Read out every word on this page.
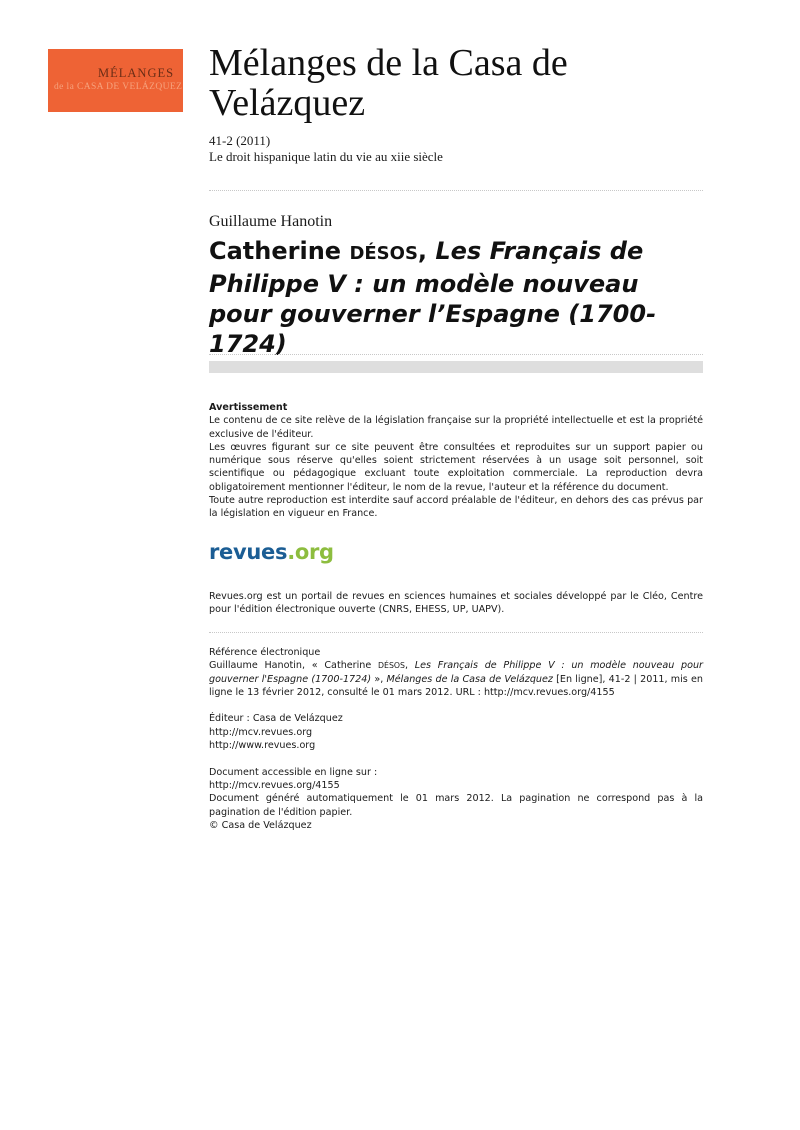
MÉLANGES
de la CASA DE VELÁZQUEZ
Mélanges de la Casa de Velázquez
41-2 (2011)
Le droit hispanique latin du vie au xiie siècle
Guillaume Hanotin
Catherine DÉSOS, Les Français de Philippe V : un modèle nouveau pour gouverner l’Espagne (1700-1724)

Avertissement

Le contenu de ce site relève de la législation française sur la propriété intellectuelle et est la propriété exclusive de l'éditeur.

Les œuvres figurant sur ce site peuvent être consultées et reproduites sur un support papier ou numérique sous réserve qu'elles soient strictement réservées à un usage soit personnel, soit scientifique ou pédagogique excluant toute exploitation commerciale. La reproduction devra obligatoirement mentionner l'éditeur, le nom de la revue, l'auteur et la référence du document.

Toute autre reproduction est interdite sauf accord préalable de l'éditeur, en dehors des cas prévus par la législation en vigueur en France.

revues.org
Revues.org est un portail de revues en sciences humaines et sociales développé par le Cléo, Centre pour l'édition électronique ouverte (CNRS, EHESS, UP, UAPV).

Référence électronique

Guillaume Hanotin, « Catherine DÉSOS, Les Français de Philippe V : un modèle nouveau pour gouverner l'Espagne (1700-1724) », Mélanges de la Casa de Velázquez [En ligne], 41-2 | 2011, mis en ligne le 13 février 2012, consulté le 01 mars 2012. URL : http://mcv.revues.org/4155

Éditeur : Casa de Velázquez

http://mcv.revues.org

http://www.revues.org

Document accessible en ligne sur :

http://mcv.revues.org/4155

Document généré automatiquement le 01 mars 2012. La pagination ne correspond pas à la pagination de l'édition papier.

© Casa de Velázquez
